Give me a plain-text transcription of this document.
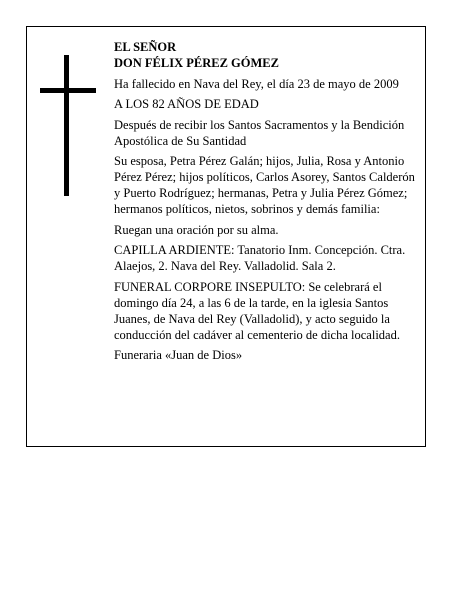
EL SEÑOR

DON FÉLIX PÉREZ GÓMEZ

Ha fallecido en Nava del Rey, el día 23 de mayo de 2009

A LOS 82 AÑOS DE EDAD

Después de recibir los Santos Sacramentos y la Bendición Apostólica de Su Santidad

Su esposa, Petra Pérez Galán; hijos, Julia, Rosa y Antonio Pérez Pérez; hijos políticos, Carlos Asorey, Santos Calderón y Puerto Rodríguez; hermanas, Petra y Julia Pérez Gómez; hermanos políticos, nietos, sobrinos y demás familia:

Ruegan una oración por su alma.

CAPILLA ARDIENTE: Tanatorio Inm. Concepción. Ctra. Alaejos, 2. Nava del Rey. Valladolid. Sala 2.

FUNERAL CORPORE INSEPULTO: Se celebrará el domingo día 24, a las 6 de la tarde, en la iglesia Santos Juanes, de Nava del Rey (Valladolid), y acto seguido la conducción del cadáver al cementerio de dicha localidad.

Funeraria «Juan de Dios»
